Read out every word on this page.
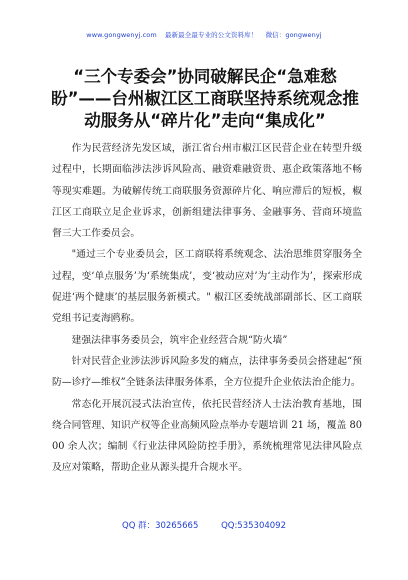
www.gongwenyj.com 最新最全最专业的公文资料库！ 微信：gongwenyj
“三个专委会”协同破解民企“急难愁盼”——台州椒江区工商联坚持系统观念推动服务从“碎片化”走向“集成化”

作为民营经济先发区域，浙江省台州市椒江区民营企业在转型升级过程中，长期面临涉法涉诉风险高、融资难融资贵、惠企政策落地不畅等现实难题。为破解传统工商联服务资源碎片化、响应滞后的短板，椒江区工商联立足企业诉求，创新组建法律事务、金融事务、营商环境监督三大工作委员会。

"通过三个专业委员会，区工商联将系统观念、法治思维贯穿服务全过程，变‘单点服务’为‘系统集成’，变‘被动应对’为‘主动作为’，探索形成促进‘两个健康’的基层服务新模式。" 椒江区委统战部副部长、区工商联党组书记麦海鸥称。

建强法律事务委员会，筑牢企业经营合规“防火墙”

针对民营企业涉法涉诉风险多发的痛点，法律事务委员会搭建起“预防—诊疗—维权”全链条法律服务体系，全方位提升企业依法治企能力。

常态化开展沉浸式法治宣传，依托民营经济人士法治教育基地，围绕合同管理、知识产权等企业高频风险点举办专题培训 21 场，覆盖 8000 余人次；编制《行业法律风险防控手册》，系统梳理常见法律风险点及应对策略，帮助企业从源头提升合规水平。

QQ 群：30265665	QQ:535304092
